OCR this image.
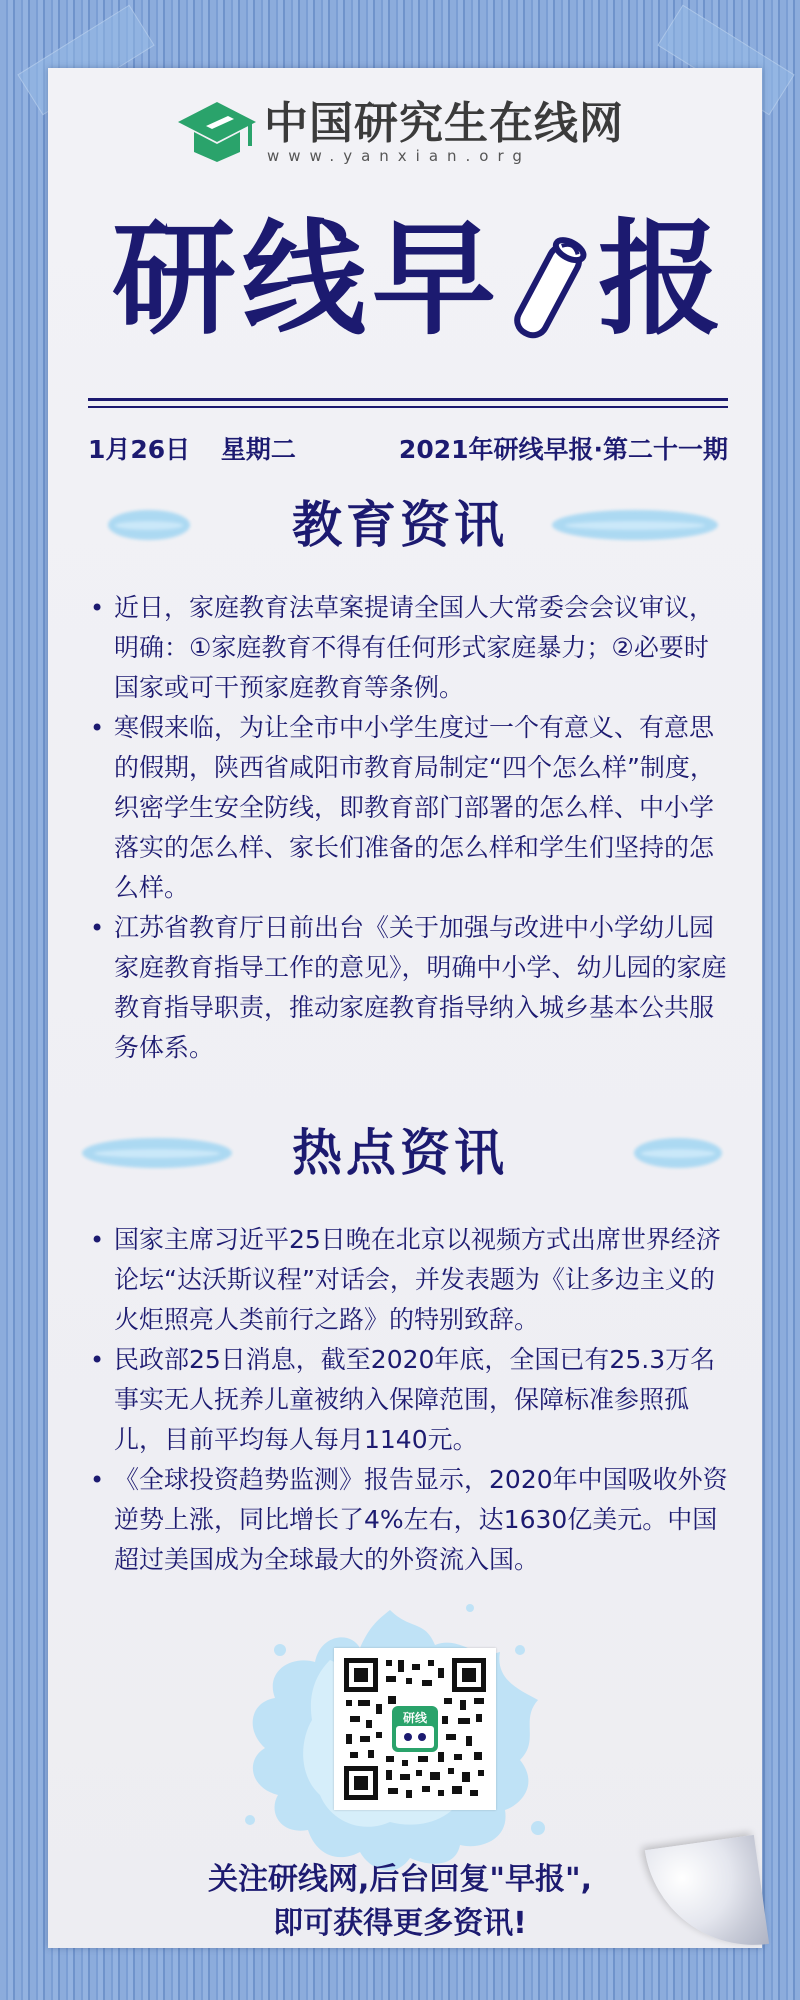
中国研究生在线网
www.yanxian.org
研线早 报
1月26日 星期二	2021年研线早报·第二十一期
教育资讯
• 近日，家庭教育法草案提请全国人大常委会会议审议，明确：①家庭教育不得有任何形式家庭暴力；②必要时国家或可干预家庭教育等条例。
• 寒假来临，为让全市中小学生度过一个有意义、有意思的假期，陕西省咸阳市教育局制定“四个怎么样”制度，织密学生安全防线，即教育部门部署的怎么样、中小学落实的怎么样、家长们准备的怎么样和学生们坚持的怎么样。
• 江苏省教育厅日前出台《关于加强与改进中小学幼儿园家庭教育指导工作的意见》，明确中小学、幼儿园的家庭教育指导职责，推动家庭教育指导纳入城乡基本公共服务体系。
热点资讯
• 国家主席习近平25日晚在北京以视频方式出席世界经济论坛“达沃斯议程”对话会，并发表题为《让多边主义的火炬照亮人类前行之路》的特别致辞。
• 民政部25日消息，截至2020年底，全国已有25.3万名事实无人抚养儿童被纳入保障范围，保障标准参照孤儿，目前平均每人每月1140元。
• 《全球投资趋势监测》报告显示，2020年中国吸收外资逆势上涨，同比增长了4%左右，达1630亿美元。中国超过美国成为全球最大的外资流入国。
研线
关注研线网,后台回复"早报",
即可获得更多资讯!
